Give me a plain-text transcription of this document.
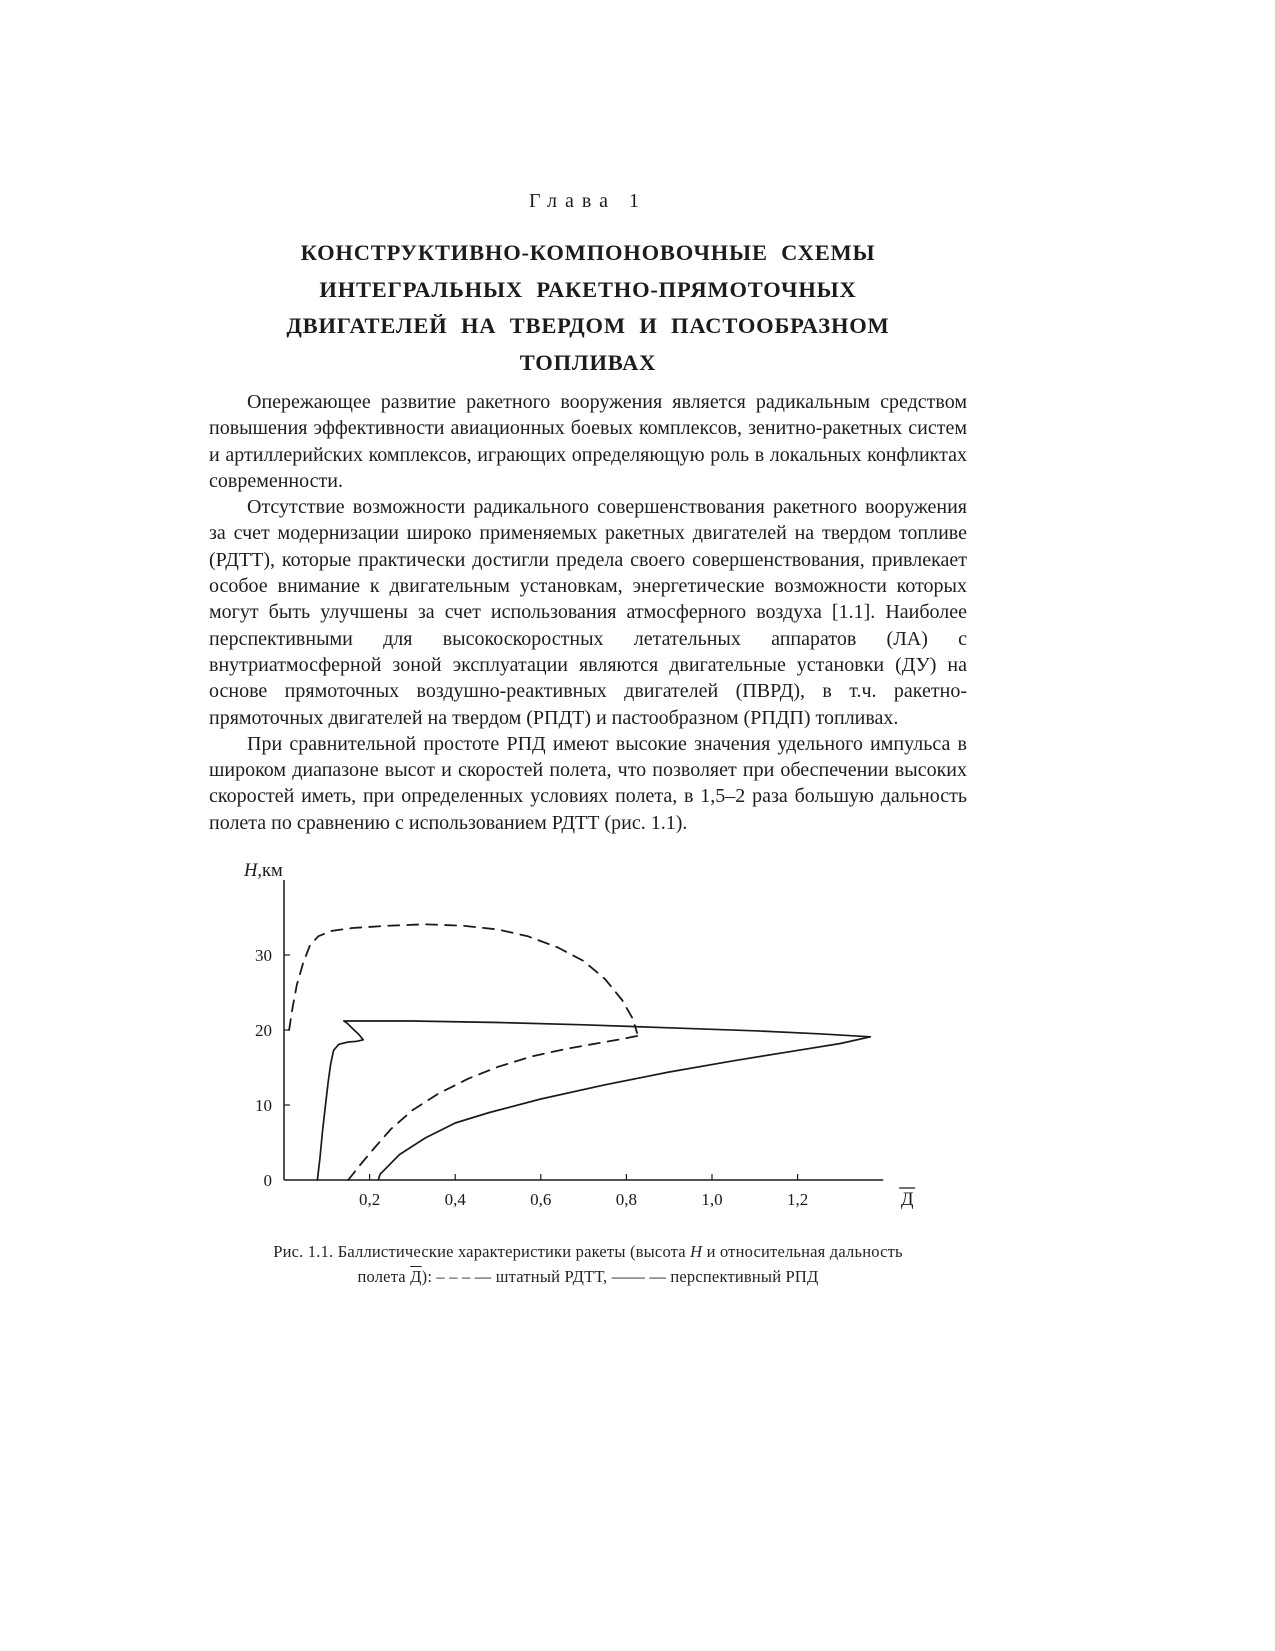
Глава 1
КОНСТРУКТИВНО-КОМПОНОВОЧНЫЕ СХЕМЫ
ИНТЕГРАЛЬНЫХ РАКЕТНО-ПРЯМОТОЧНЫХ
ДВИГАТЕЛЕЙ НА ТВЕРДОМ И ПАСТООБРАЗНОМ
ТОПЛИВАХ

Опережающее развитие ракетного вооружения является радикальным средством повышения эффективности авиационных боевых комплексов, зенитно-ракетных систем и артиллерийских комплексов, играющих определяющую роль в локальных конфликтах современности.

Отсутствие возможности радикального совершенствования ракетного вооружения за счет модернизации широко применяемых ракетных двигателей на твердом топливе (РДТТ), которые практически достигли предела своего совершенствования, привлекает особое внимание к двигательным установкам, энергетические возможности которых могут быть улучшены за счет использования атмосферного воздуха [1.1]. Наиболее перспективными для высокоскоростных летательных аппаратов (ЛА) с внутриатмосферной зоной эксплуатации являются двигательные установки (ДУ) на основе прямоточных воздушно-реактивных двигателей (ПВРД), в т.ч. ракетно-прямоточных двигателей на твердом (РПДТ) и пастообразном (РПДП) топливах.

При сравнительной простоте РПД имеют высокие значения удельного импульса в широком диапазоне высот и скоростей полета, что позволяет при обеспечении высоких скоростей иметь, при определенных условиях полета, в 1,5–2 раза большую дальность полета по сравнению с использованием РДТТ (рис. 1.1).

0,2	0,4	0,6	0,8	1,0	1,2
0
10
20
30
Н,км
Д
Рис. 1.1. Баллистические характеристики ракеты (высота Н и относительная дальность
полета Д): – – – — штатный РДТТ, —— — перспективный РПД
